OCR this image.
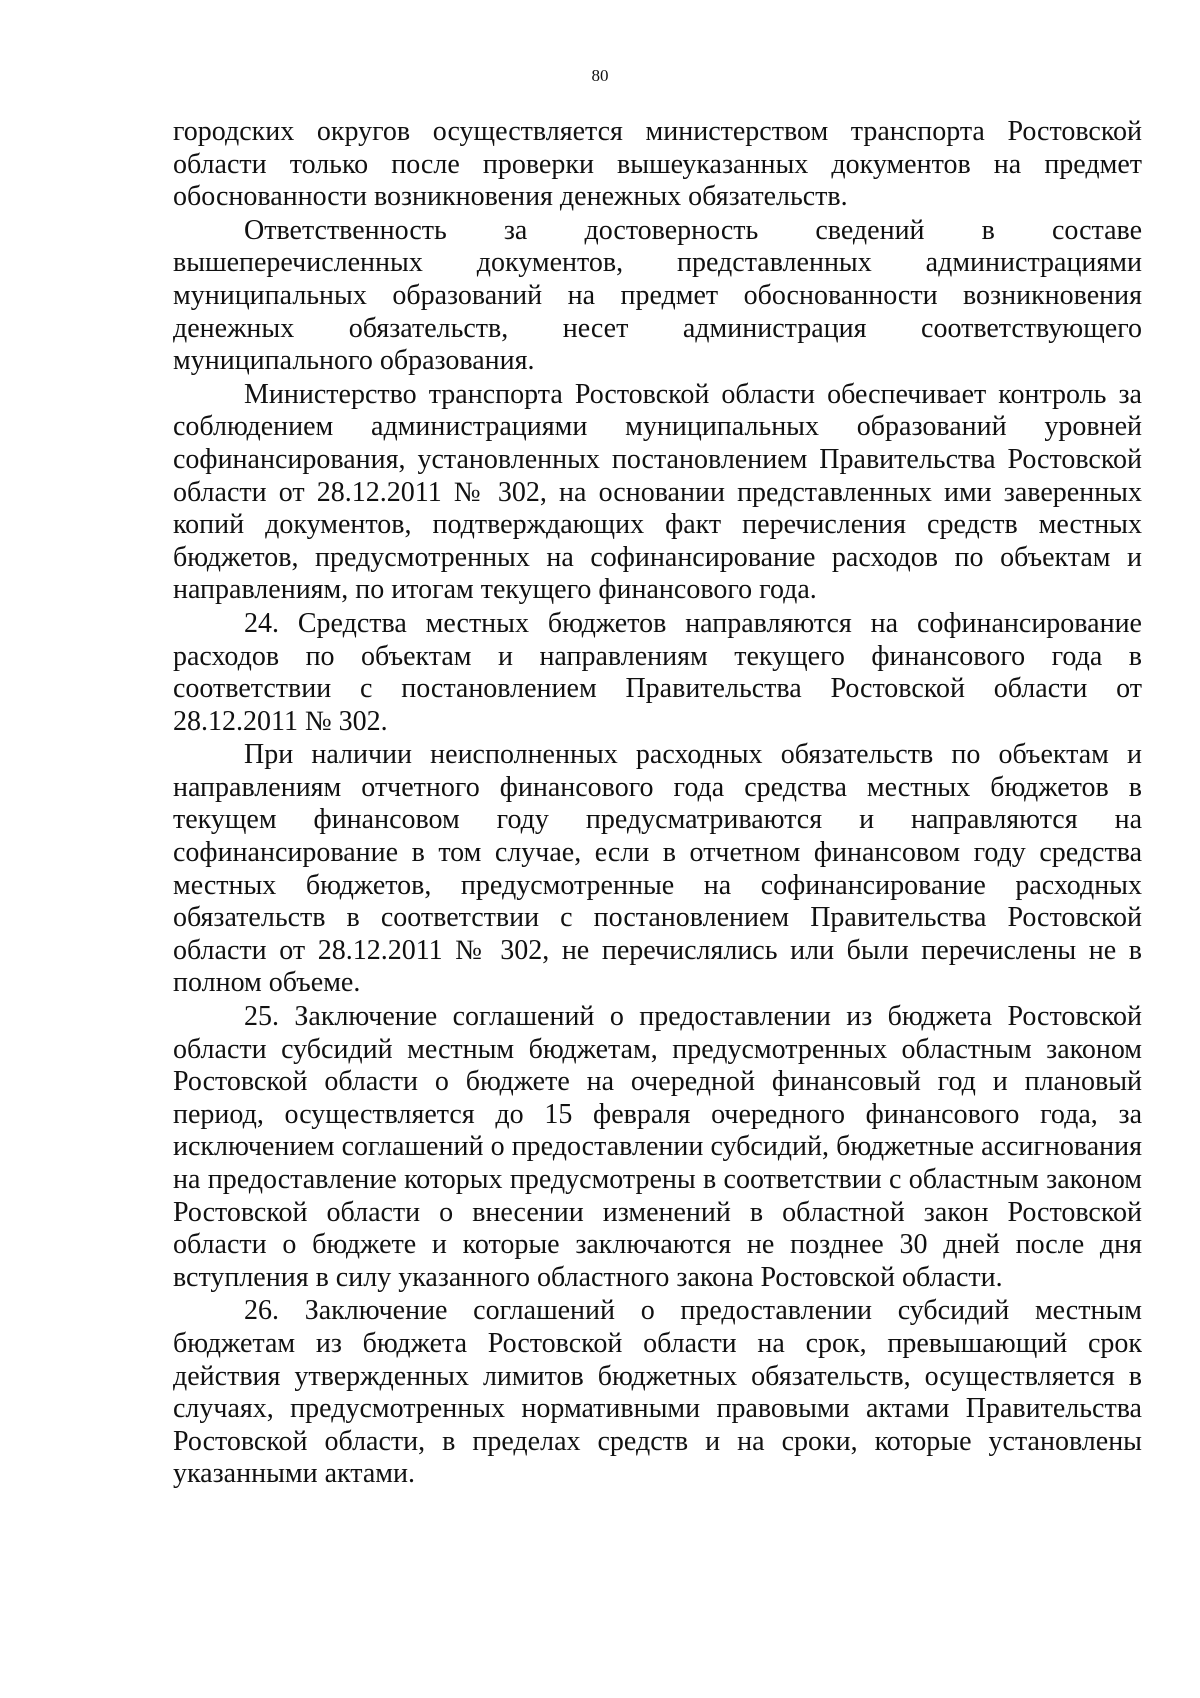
80

городских округов осуществляется министерством транспорта Ростовской области только после проверки вышеуказанных документов на предмет обоснованности возникновения денежных обязательств.

Ответственность за достоверность сведений в составе вышеперечисленных документов, представленных администрациями муниципальных образований на предмет обоснованности возникновения денежных обязательств, несет администрация соответствующего муниципального образования.

Министерство транспорта Ростовской области обеспечивает контроль за соблюдением администрациями муниципальных образований уровней софинансирования, установленных постановлением Правительства Ростовской области от 28.12.2011 № 302, на основании представленных ими заверенных копий документов, подтверждающих факт перечисления средств местных бюджетов, предусмотренных на софинансирование расходов по объектам и направлениям, по итогам текущего финансового года.

24. Средства местных бюджетов направляются на софинансирование расходов по объектам и направлениям текущего финансового года в соответствии с постановлением Правительства Ростовской области от 28.12.2011 № 302.

При наличии неисполненных расходных обязательств по объектам и направлениям отчетного финансового года средства местных бюджетов в текущем финансовом году предусматриваются и направляются на софинансирование в том случае, если в отчетном финансовом году средства местных бюджетов, предусмотренные на софинансирование расходных обязательств в соответствии с постановлением Правительства Ростовской области от 28.12.2011 № 302, не перечислялись или были перечислены не в полном объеме.

25. Заключение соглашений о предоставлении из бюджета Ростовской области субсидий местным бюджетам, предусмотренных областным законом Ростовской области о бюджете на очередной финансовый год и плановый период, осуществляется до 15 февраля очередного финансового года, за исключением соглашений о предоставлении субсидий, бюджетные ассигнования на предоставление которых предусмотрены в соответствии с областным законом Ростовской области о внесении изменений в областной закон Ростовской области о бюджете и которые заключаются не позднее 30 дней после дня вступления в силу указанного областного закона Ростовской области.

26. Заключение соглашений о предоставлении субсидий местным бюджетам из бюджета Ростовской области на срок, превышающий срок действия утвержденных лимитов бюджетных обязательств, осуществляется в случаях, предусмотренных нормативными правовыми актами Правительства Ростовской области, в пределах средств и на сроки, которые установлены указанными актами.
